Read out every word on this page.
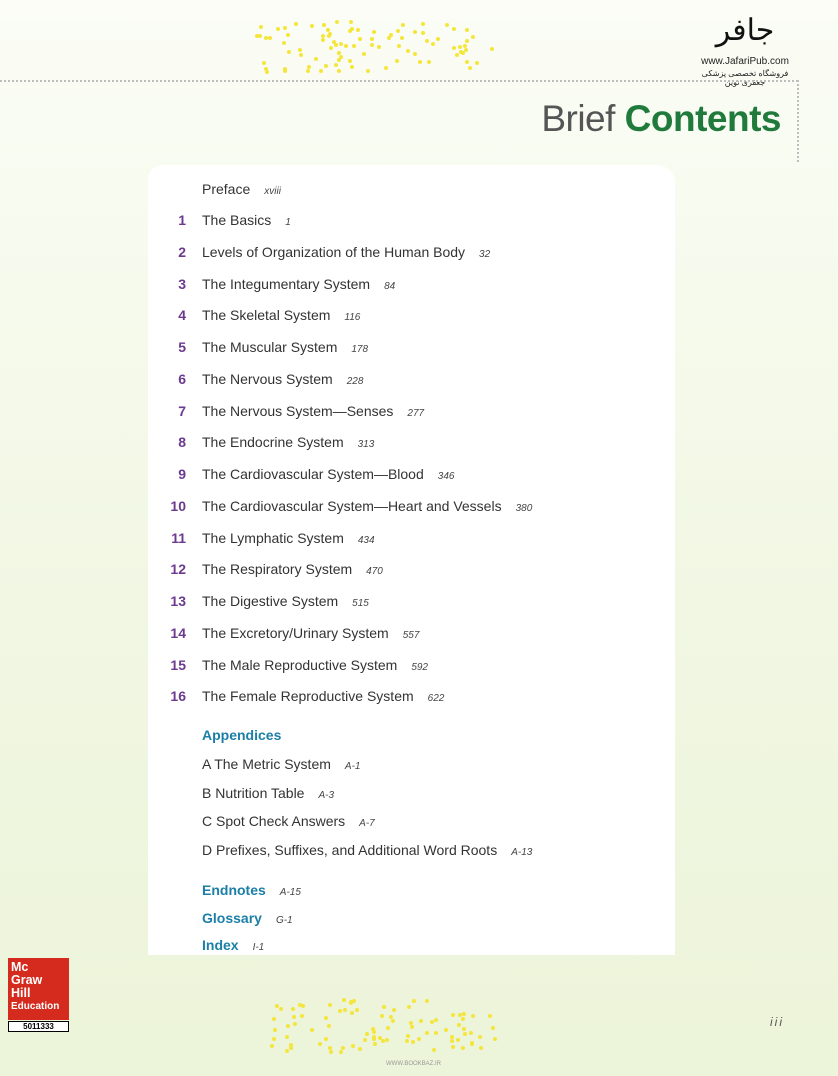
جافر
www.JafariPub.com
فروشگاه تخصصی پزشکی جعفری نوین
Brief Contents
Preface xviii
1 The Basics 1
2 Levels of Organization of the Human Body 32
3 The Integumentary System 84
4 The Skeletal System 116
5 The Muscular System 178
6 The Nervous System 228
7 The Nervous System—Senses 277
8 The Endocrine System 313
9 The Cardiovascular System—Blood 346
10 The Cardiovascular System—Heart and Vessels 380
11 The Lymphatic System 434
12 The Respiratory System 470
13 The Digestive System 515
14 The Excretory/Urinary System 557
15 The Male Reproductive System 592
16 The Female Reproductive System 622
Appendices
A The Metric System A-1
B Nutrition Table A-3
C Spot Check Answers A-7
D Prefixes, Suffixes, and Additional Word Roots A-13
Endnotes A-15
Glossary G-1
Index I-1
Mc
Graw
Hill
Education
5011333	iii
WWW.BOOKBAZ.IR
